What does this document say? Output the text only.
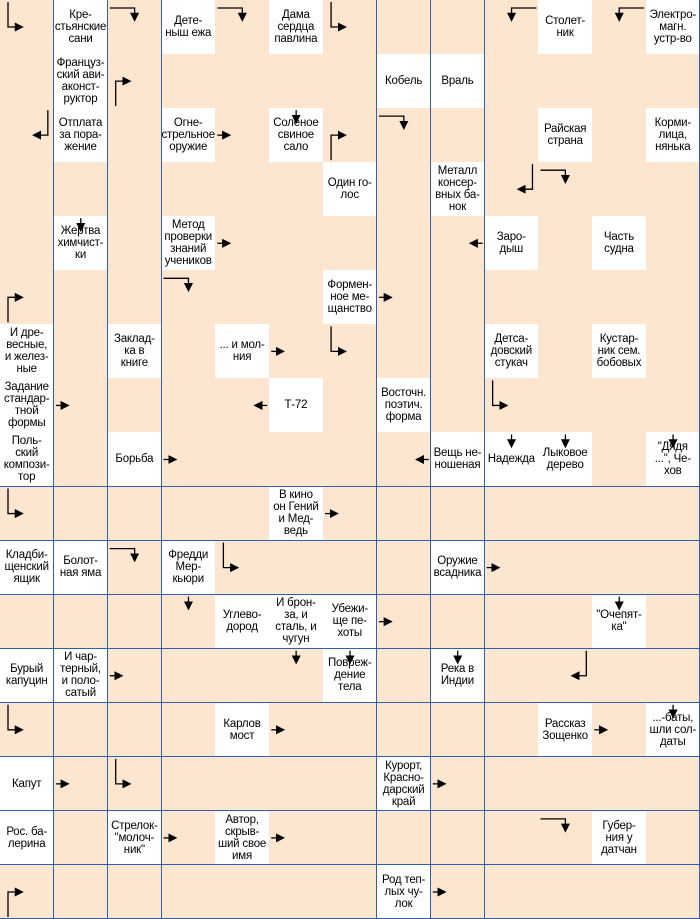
Кре-
стьянские
сани
Дете-
ныш ежа
Дама
сердца
павлина
Столет-
ник
Электро-
магн.
устр-во
Француз-
ский ави-
аконст-
руктор
Кобель Враль
Отплата
за пора-
жение
Огне-
стрельное
оружие
Соленое
свиное
сало
Райская
страна
Корми-
лица,
нянька
Один го-
лос
Металл
консер-
вных ба-
нок
Жертва
химчист-
ки
Метод
проверки
знаний
учеников
Заро-
дыш
Часть
судна
Формен-
ное ме-
щанство
И дре-
весные,
и желез-
ные
Заклад-
ка в
книге
... и мол-
ния
Детса-
довский
стукач
Кустар-
ник сем.
бобовых
Задание
стандар-
тной
формы
Т-72
Восточн.
поэтич.
форма
Поль-
ский
компози-
тор
Борьба	Вещь не-
ношеная Надежда Лыковое
дерево
"Дядя
...", Че-
хов
В кино
он Гений
и Мед-
ведь
Кладби-
щенский
ящик
Болот-
ная яма
Фредди
Мер-
кьюри
Оружие
всадника
Углево-
дород
И брон-
за, и
сталь, и
чугун
Убежи-
ще пе-
хоты
"Очепят-
ка"
Бурый
капуцин
И чар-
терный,
и поло-
сатый
Повреж-
дение
тела
Река в
Индии
Карлов
мост
Рассказ
Зощенко
...-баты,
шли сол-
даты
Капут
Курорт,
Краснo-
дарский
край
Рос. ба-
лерина
Стрелок-
"молоч-
ник"
Автор,
скрыв-
ший свое
имя
Губер-
ния у
датчан
Род теп-
лых чу-
лок
